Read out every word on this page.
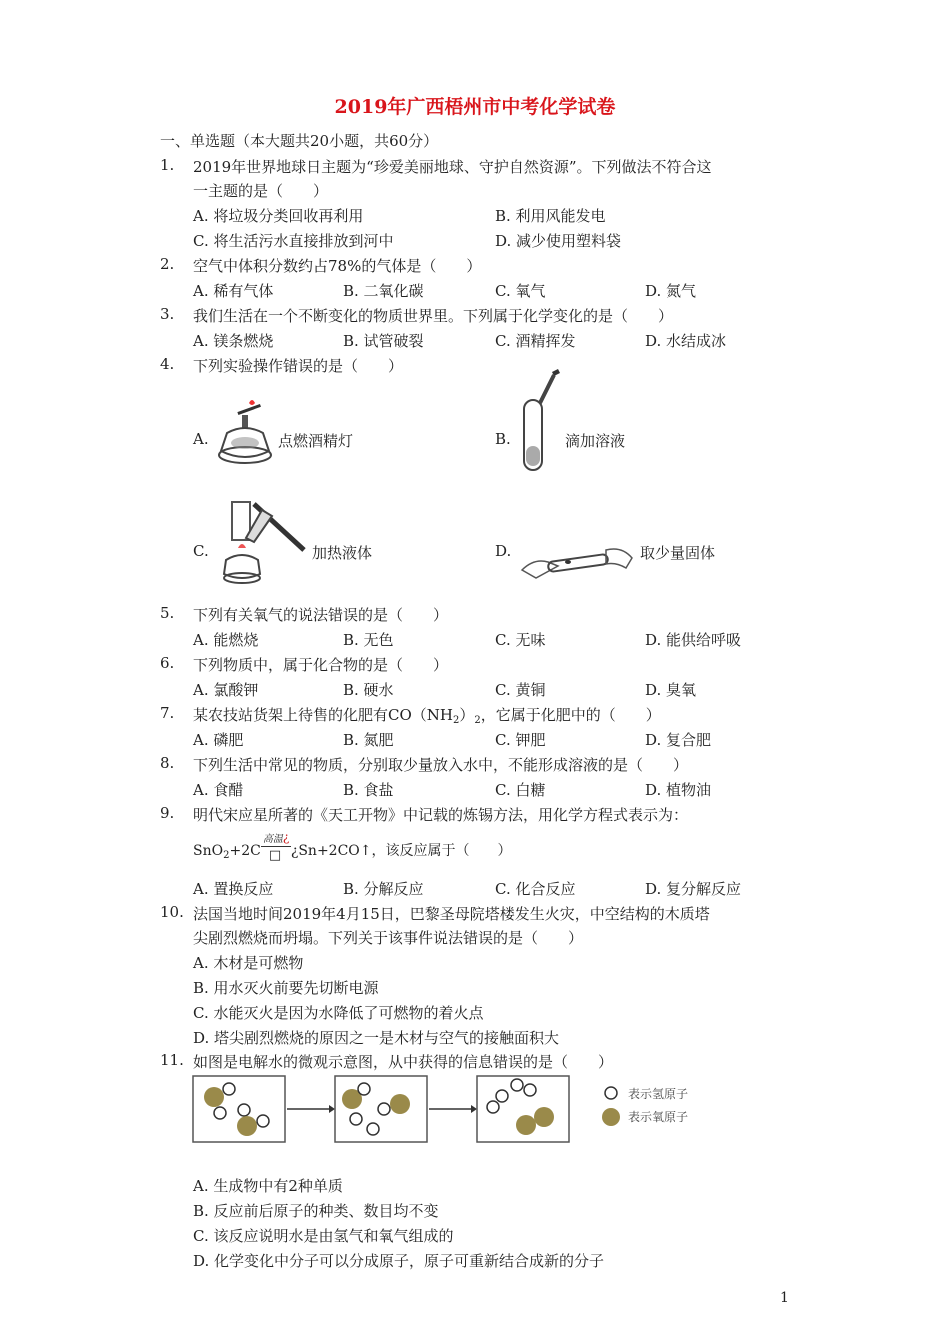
2019年广西梧州市中考化学试卷
一、单选题（本大题共20小题，共60分）
1.	2019年世界地球日主题为“珍爱美丽地球、守护自然资源”。下列做法不符合这
一主题的是（　　）
A. 将垃圾分类回收再利用	B. 利用风能发电
C. 将生活污水直接排放到河中	D. 减少使用塑料袋
2.	空气中体积分数约占78%的气体是（　　）
A. 稀有气体	B. 二氧化碳	C. 氧气	D. 氮气
3.	我们生活在一个不断变化的物质世界里。下列属于化学变化的是（　　）
A. 镁条燃烧	B. 试管破裂	C. 酒精挥发	D. 水结成冰
4.	下列实验操作错误的是（　　）
A.	点燃酒精灯	B.	滴加溶液
C.	加热液体	D.	取少量固体
5.	下列有关氧气的说法错误的是（　　）
A. 能燃烧	B. 无色	C. 无味	D. 能供给呼吸
6.	下列物质中，属于化合物的是（　　）
A. 氯酸钾	B. 硬水	C. 黄铜	D. 臭氧
7.	某农技站货架上待售的化肥有$CO(NH_2)_2$，它属于化肥中的（　　）
A. 磷肥	B. 氮肥	C. 钾肥	D. 复合肥
8.	下列生活中常见的物质，分别取少量放入水中，不能形成溶液的是（　　）
A. 食醋	B. 食盐	C. 白糖	D. 植物油
9.	明代宋应星所著的《天工开物》中记载的炼锡方法，用化学方程式表示为：
SnO$_2$+2C
高温 ¿
□ ¿Sn+2CO↑，该反应属于（　　）
A. 置换反应	B. 分解反应	C. 化合反应	D. 复分解反应
10. 法国当地时间2019年4月15日，巴黎圣母院塔楼发生火灾，中空结构的木质塔
尖剧烈燃烧而坍塌。下列关于该事件说法错误的是（　　）
A. 木材是可燃物
B. 用水灭火前要先切断电源
C. 水能灭火是因为水降低了可燃物的着火点
D. 塔尖剧烈燃烧的原因之一是木材与空气的接触面积大
11. 如图是电解水的微观示意图，从中获得的信息错误的是（　　）
表示氢原子
表示氧原子
A. 生成物中有2种单质
B. 反应前后原子的种类、数目均不变
C. 该反应说明水是由氢气和氧气组成的
D. 化学变化中分子可以分成原子，原子可重新结合成新的分子
1
